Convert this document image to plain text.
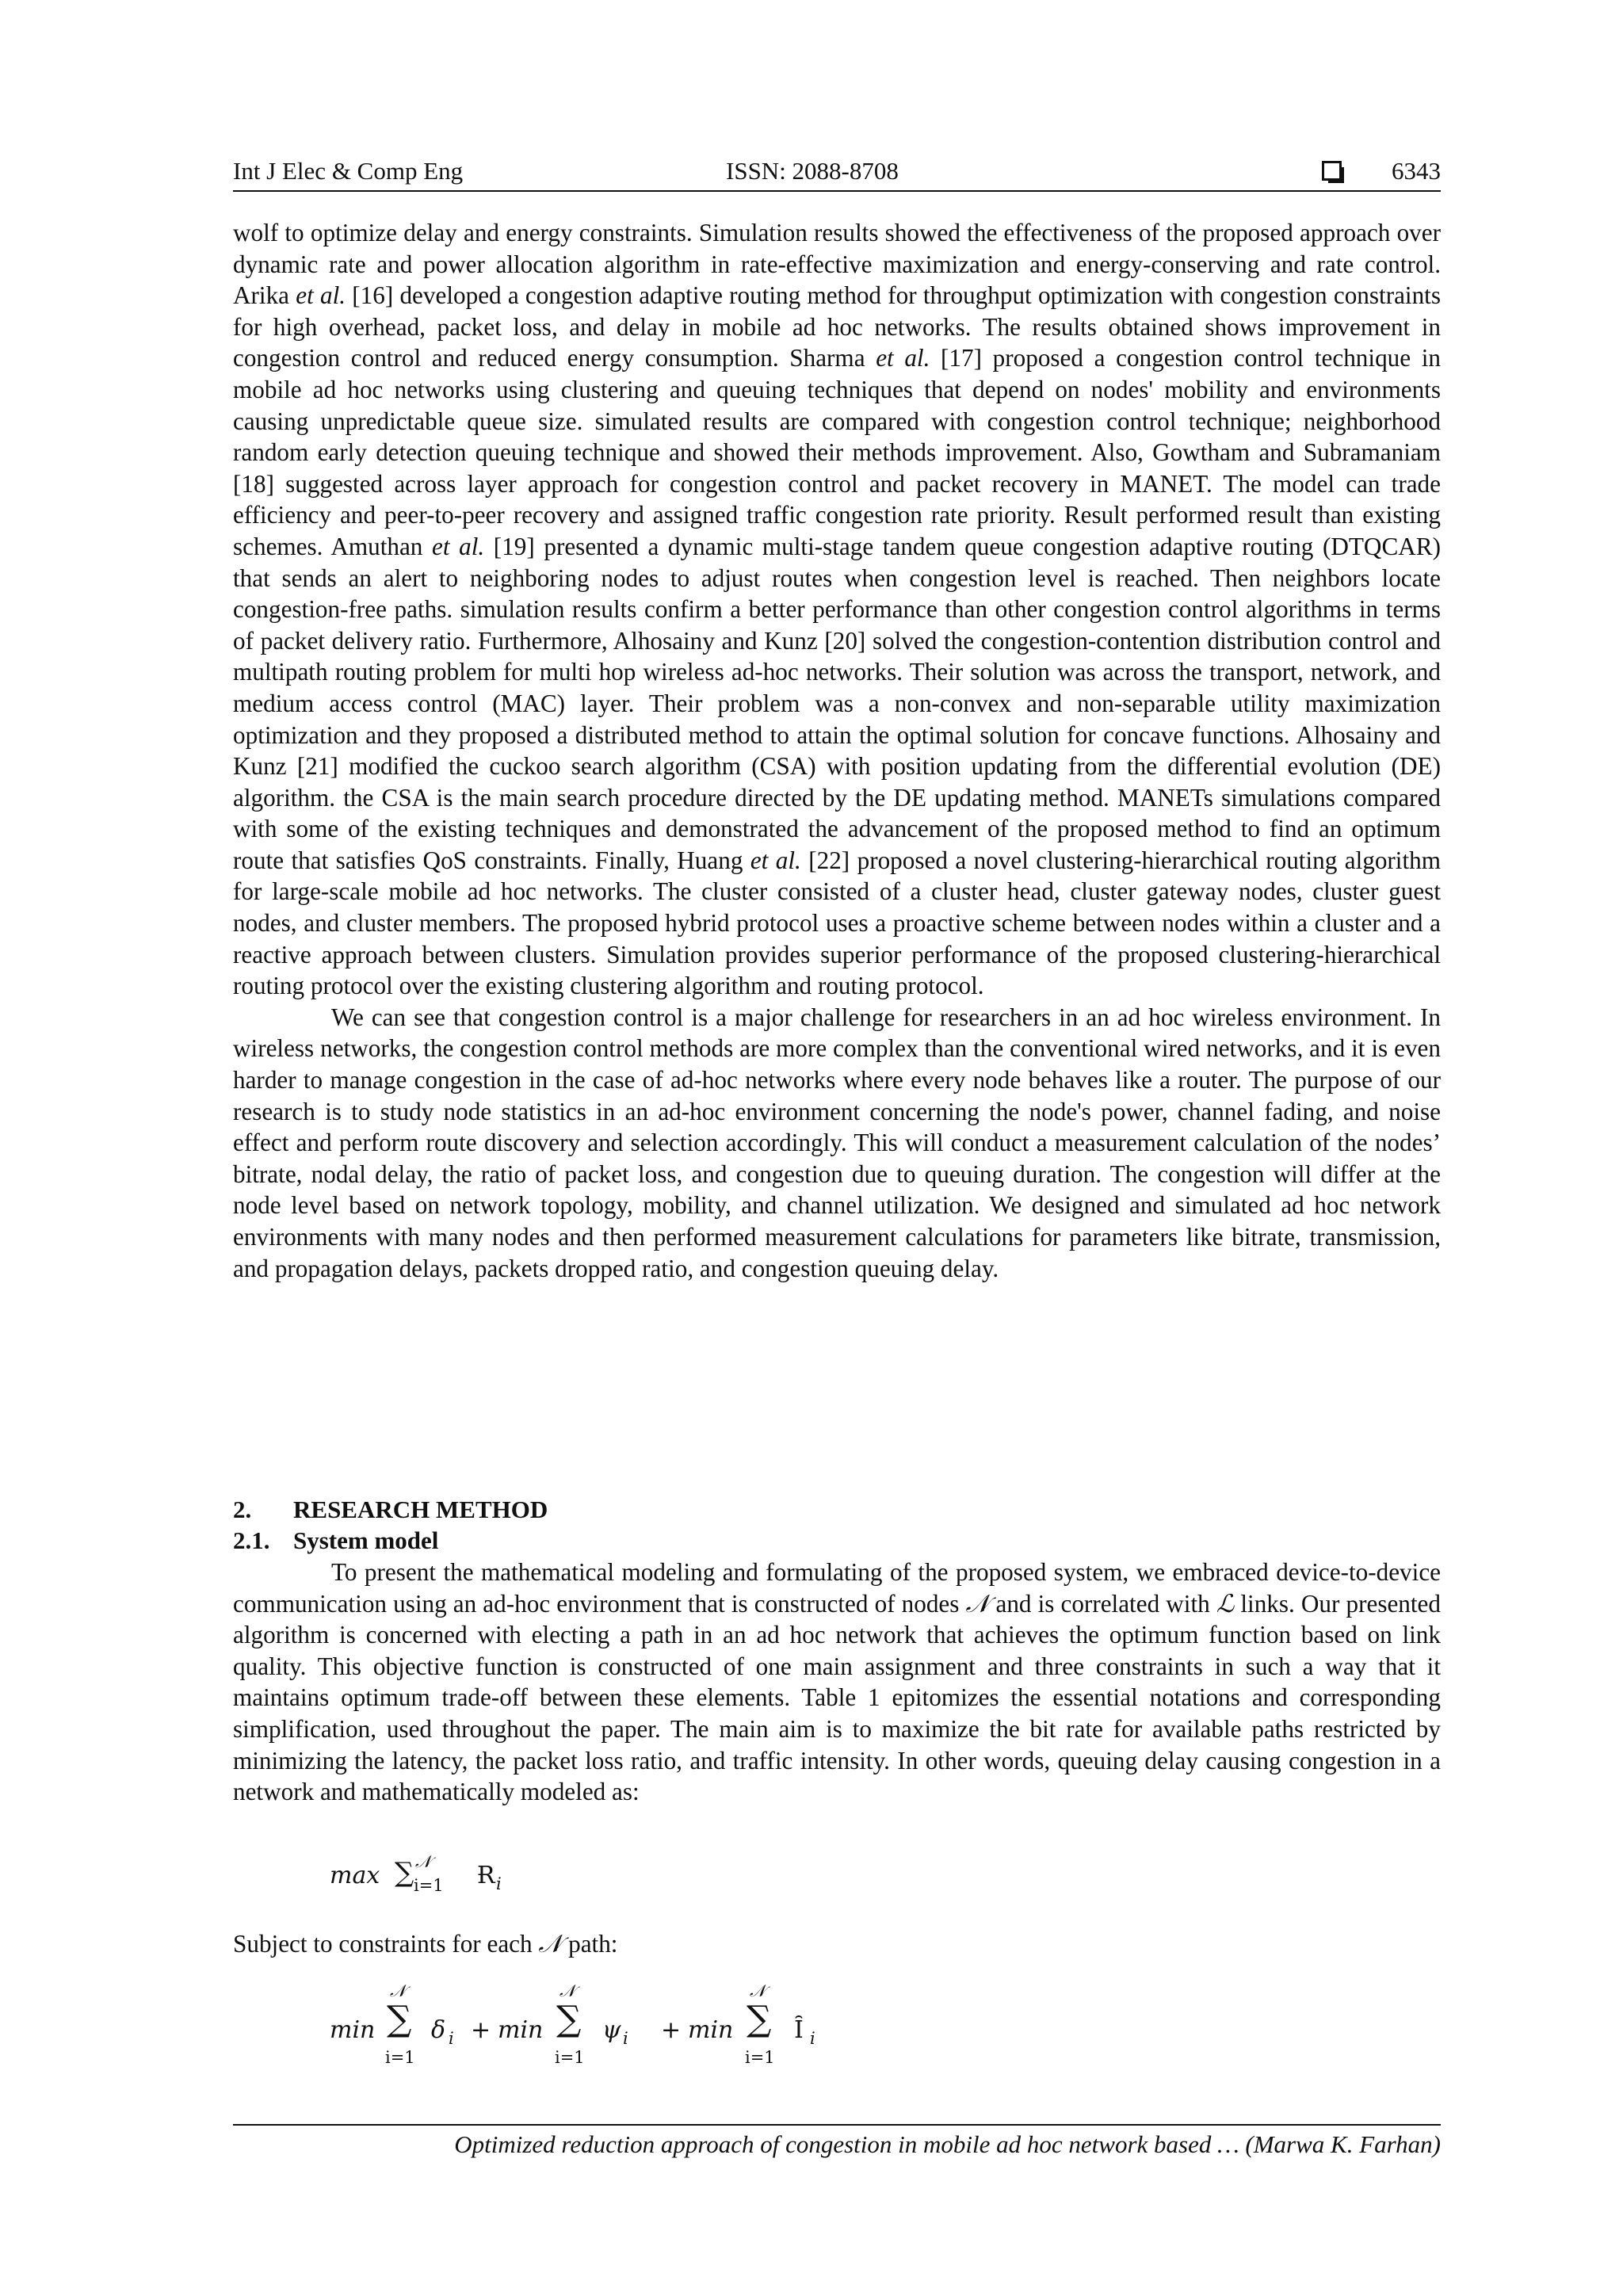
Int J Elec & Comp Eng	ISSN: 2088-8708	6343

wolf to optimize delay and energy constraints. Simulation results showed the effectiveness of the proposed approach over dynamic rate and power allocation algorithm in rate-effective maximization and energy-conserving and rate control. Arika et al. [16] developed a congestion adaptive routing method for throughput optimization with congestion constraints for high overhead, packet loss, and delay in mobile ad hoc networks. The results obtained shows improvement in congestion control and reduced energy consumption. Sharma et al. [17] proposed a congestion control technique in mobile ad hoc networks using clustering and queuing techniques that depend on nodes' mobility and environments causing unpredictable queue size. simulated results are compared with congestion control technique; neighborhood random early detection queuing technique and showed their methods improvement. Also, Gowtham and Subramaniam [18] suggested across layer approach for congestion control and packet recovery in MANET. The model can trade efficiency and peer-to-peer recovery and assigned traffic congestion rate priority. Result performed result than existing schemes. Amuthan et al. [19] presented a dynamic multi-stage tandem queue congestion adaptive routing (DTQCAR) that sends an alert to neighboring nodes to adjust routes when congestion level is reached. Then neighbors locate congestion-free paths. simulation results confirm a better performance than other congestion control algorithms in terms of packet delivery ratio. Furthermore, Alhosainy and Kunz [20] solved the congestion-contention distribution control and multipath routing problem for multi hop wireless ad-hoc networks. Their solution was across the transport, network, and medium access control (MAC) layer. Their problem was a non-convex and non-separable utility maximization optimization and they proposed a distributed method to attain the optimal solution for concave functions. Alhosainy and Kunz [21] modified the cuckoo search algorithm (CSA) with position updating from the differential evolution (DE) algorithm. the CSA is the main search procedure directed by the DE updating method. MANETs simulations compared with some of the existing techniques and demonstrated the advancement of the proposed method to find an optimum route that satisfies QoS constraints. Finally, Huang et al. [22] proposed a novel clustering-hierarchical routing algorithm for large-scale mobile ad hoc networks. The cluster consisted of a cluster head, cluster gateway nodes, cluster guest nodes, and cluster members. The proposed hybrid protocol uses a proactive scheme between nodes within a cluster and a reactive approach between clusters. Simulation provides superior performance of the proposed clustering-hierarchical routing protocol over the existing clustering algorithm and routing protocol.

We can see that congestion control is a major challenge for researchers in an ad hoc wireless environment. In wireless networks, the congestion control methods are more complex than the conventional wired networks, and it is even harder to manage congestion in the case of ad-hoc networks where every node behaves like a router. The purpose of our research is to study node statistics in an ad-hoc environment concerning the node's power, channel fading, and noise effect and perform route discovery and selection accordingly. This will conduct a measurement calculation of the nodes’ bitrate, nodal delay, the ratio of packet loss, and congestion due to queuing duration. The congestion will differ at the node level based on network topology, mobility, and channel utilization. We designed and simulated ad hoc network environments with many nodes and then performed measurement calculations for parameters like bitrate, transmission, and propagation delays, packets dropped ratio, and congestion queuing delay.

2. RESEARCH METHOD
2.1. System model

To present the mathematical modeling and formulating of the proposed system, we embraced device-to-device communication using an ad-hoc environment that is constructed of nodes 𝒩 and is correlated with ℒ links. Our presented algorithm is concerned with electing a path in an ad hoc network that achieves the optimum function based on link quality. This objective function is constructed of one main assignment and three constraints in such a way that it maintains optimum trade-off between these elements. Table 1 epitomizes the essential notations and corresponding simplification, used throughout the paper. The main aim is to maximize the bit rate for available paths restricted by minimizing the latency, the packet loss ratio, and traffic intensity. In other words, queuing delay causing congestion in a network and mathematically modeled as:

max ∑ 𝒩
i=1 Ɍ i
Subject to constraints for each 𝒩 path:
min
𝒩
∑
i=1
δ i + min
𝒩
∑
i=1
ψ i + min
𝒩
∑
i=1
Ȋ i
Optimized reduction approach of congestion in mobile ad hoc network based … (Marwa K. Farhan)
